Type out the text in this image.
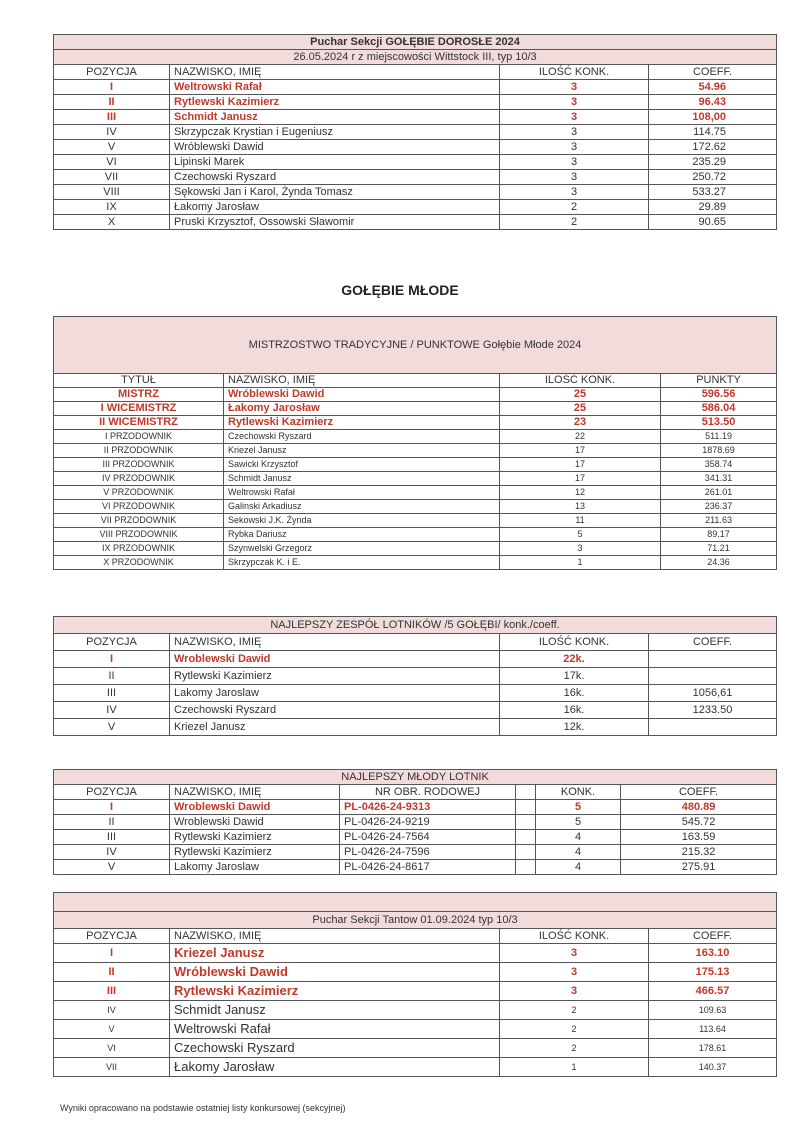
Puchar Sekcji GOŁĘBIE DOROSŁE 2024			
26.05.2024 r z miejscowości Wittstock III, typ 10/3			
POZYCJA	NAZWISKO, IMIĘ	ILOŚĆ KONK.	COEFF.
I	Weltrowski Rafał	3	54.96
II	Rytlewski Kazimierz	3	96.43
III	Schmidt Janusz	3	108,00
IV	Skrzypczak Krystian i Eugeniusz	3	114.75
V	Wróblewski Dawid	3	172.62
VI	Lipinski Marek	3	235.29
VII	Czechowski Ryszard	3	250.72
VIII	Sękowski Jan i Karol, Żynda Tomasz	3	533.27
IX	Łakomy Jarosław	2	29.89
X	Pruski Krzysztof, Ossowski Sławomir	2	90.65
GOŁĘBIE MŁODE
MISTRZOSTWO TRADYCYJNE / PUNKTOWE Gołębie Młode 2024			
TYTUŁ	NAZWISKO, IMIĘ	ILOŚĆ KONK.	PUNKTY
MISTRZ	Wróblewski Dawid	25	596.56
I WICEMISTRZ	Łakomy Jarosław	25	586.04
II WICEMISTRZ	Rytlewski Kazimierz	23	513.50
I PRZODOWNIK	Czechowski Ryszard	22	511.19
II PRZODOWNIK	Kriezel Janusz	17	1878.69
III PRZODOWNIK	Sawicki Krzysztof	17	358.74
IV PRZODOWNIK	Schmidt Janusz	17	341.31
V PRZODOWNIK	Weltrowski Rafał	12	261.01
VI PRZODOWNIK	Galinski Arkadiusz	13	236.37
VII PRZODOWNIK	Sekowski J.K. Żynda	11	211.63
VIII PRZODOWNIK	Rybka Dariusz	5	89.17
IX PRZODOWNIK	Szynwelski Grzegorz	3	71.21
X PRZODOWNIK	Skrzypczak K. i E.	1	24.36
NAJLEPSZY ZESPÓŁ LOTNIKÓW /5 GOŁĘBI/ konk./coeff.			
POZYCJA	NAZWISKO, IMIĘ	ILOŚĆ KONK.	COEFF.
I	Wroblewski Dawid	22k.	
II	Rytlewski Kazimierz	17k.	
III	Lakomy Jaroslaw	16k.	1056,61
IV	Czechowski Ryszard	16k.	1233.50
V	Kriezel Janusz	12k.	
NAJLEPSZY MŁODY LOTNIK					
POZYCJA	NAZWISKO, IMIĘ	NR OBR. RODOWEJ		KONK.	COEFF.
I	Wroblewski Dawid	PL-0426-24-9313		5	480.89
II	Wroblewski Dawid	PL-0426-24-9219		5	545.72
III	Rytlewski Kazimierz	PL-0426-24-7564		4	163.59
IV	Rytlewski Kazimierz	PL-0426-24-7596		4	215.32
V	Lakomy Jaroslaw	PL-0426-24-8617		4	275.91

Puchar Sekcji Tantow 01.09.2024 typ 10/3			
POZYCJA	NAZWISKO, IMIĘ	ILOŚĆ KONK.	COEFF.
I	Kriezel Janusz	3	163.10
II	Wróblewski Dawid	3	175.13
III	Rytlewski Kazimierz	3	466.57
IV	Schmidt Janusz	2	109.63
V	Weltrowski Rafał	2	113.64
VI	Czechowski Ryszard	2	178.61
VII	Łakomy Jarosław	1	140.37
Wyniki opracowano na podstawie ostatniej listy konkursowej (sekcyjnej)
